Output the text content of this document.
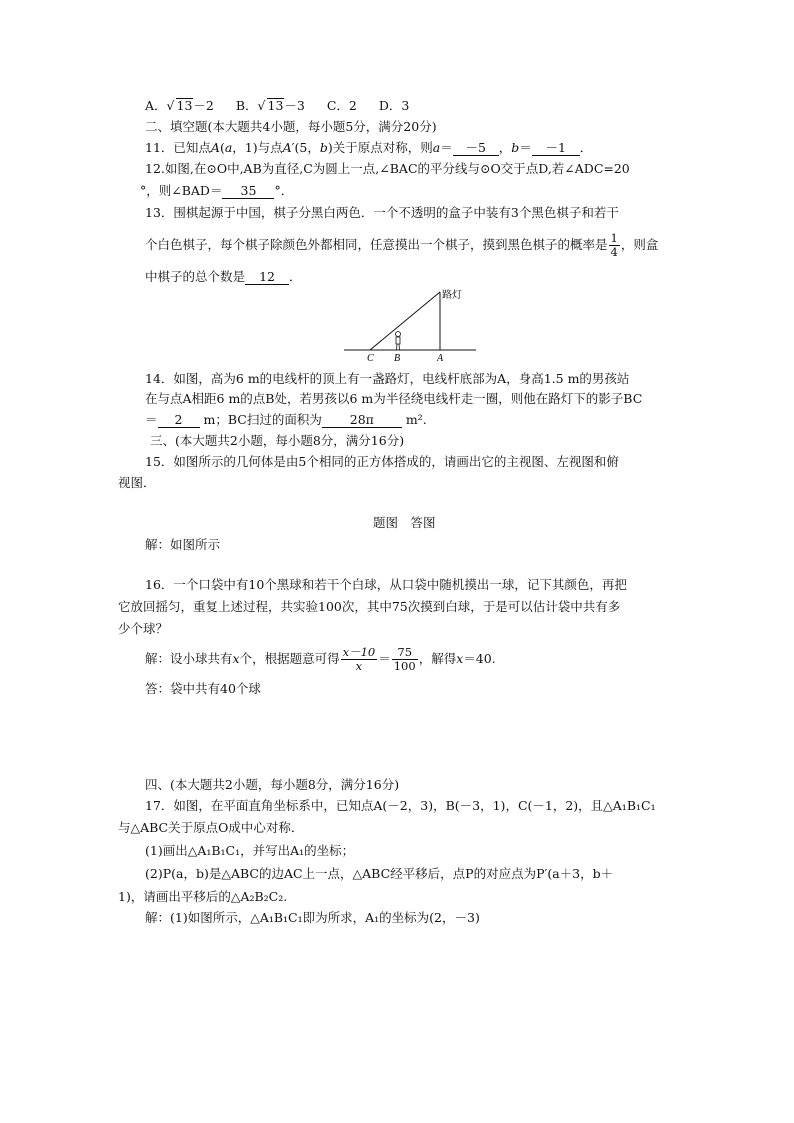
A．√ 13－2 B．√ 13－3 C．2 D．3
二、填空题(本大题共4小题，每小题5分，满分20分)
11．已知点A(a，1)与点A′(5，b)关于原点对称，则a＝ －5 ，b＝ －1 ．
12.如图,在⊙O中,AB为直径,C为圆上一点,∠BAC的平分线与⊙O交于点D,若∠ADC=20
°，则∠BAD＝ 35 °．
13．围棋起源于中国，棋子分黑白两色．一个不透明的盒子中装有3个黑色棋子和若干
个白色棋子，每个棋子除颜色外都相同，任意摸出一个棋子，摸到黑色棋子的概率是 $\frac{1}{4}$ ，则盒
中棋子的总个数是 12 ．
路灯
C B	A
14．如图，高为6 m的电线杆的顶上有一盏路灯，电线杆底部为A，身高1.5 m的男孩站
在与点A相距6 m的点B处，若男孩以6 m为半径绕电线杆走一圈，则他在路灯下的影子BC
＝ 2 m；BC扫过的面积为 28π	m².
三、(本大题共2小题，每小题8分，满分16分)
15．如图所示的几何体是由5个相同的正方体搭成的，请画出它的主视图、左视图和俯
视图．
题图　答图
解：如图所示
16．一个口袋中有10个黑球和若干个白球，从口袋中随机摸出一球，记下其颜色，再把
它放回摇匀，重复上述过程，共实验100次，其中75次摸到白球，于是可以估计袋中共有多
少个球？
解：设小球共有x个，根据题意可得 $\frac{x-10}{x} = \frac{75}{100}$ ，解得x＝40.
答：袋中共有40个球
四、(本大题共2小题，每小题8分，满分16分)
17．如图，在平面直角坐标系中，已知点A(－2，3)，B(－3，1)，C(－1，2)，且△A₁B₁C₁
与△ABC关于原点O成中心对称．
(1)画出△A₁B₁C₁，并写出A₁的坐标；
(2)P(a，b)是△ABC的边AC上一点，△ABC经平移后，点P的对应点为P′(a＋3，b＋
1)，请画出平移后的△A₂B₂C₂.
解：(1)如图所示，△A₁B₁C₁即为所求，A₁的坐标为(2，－3)
